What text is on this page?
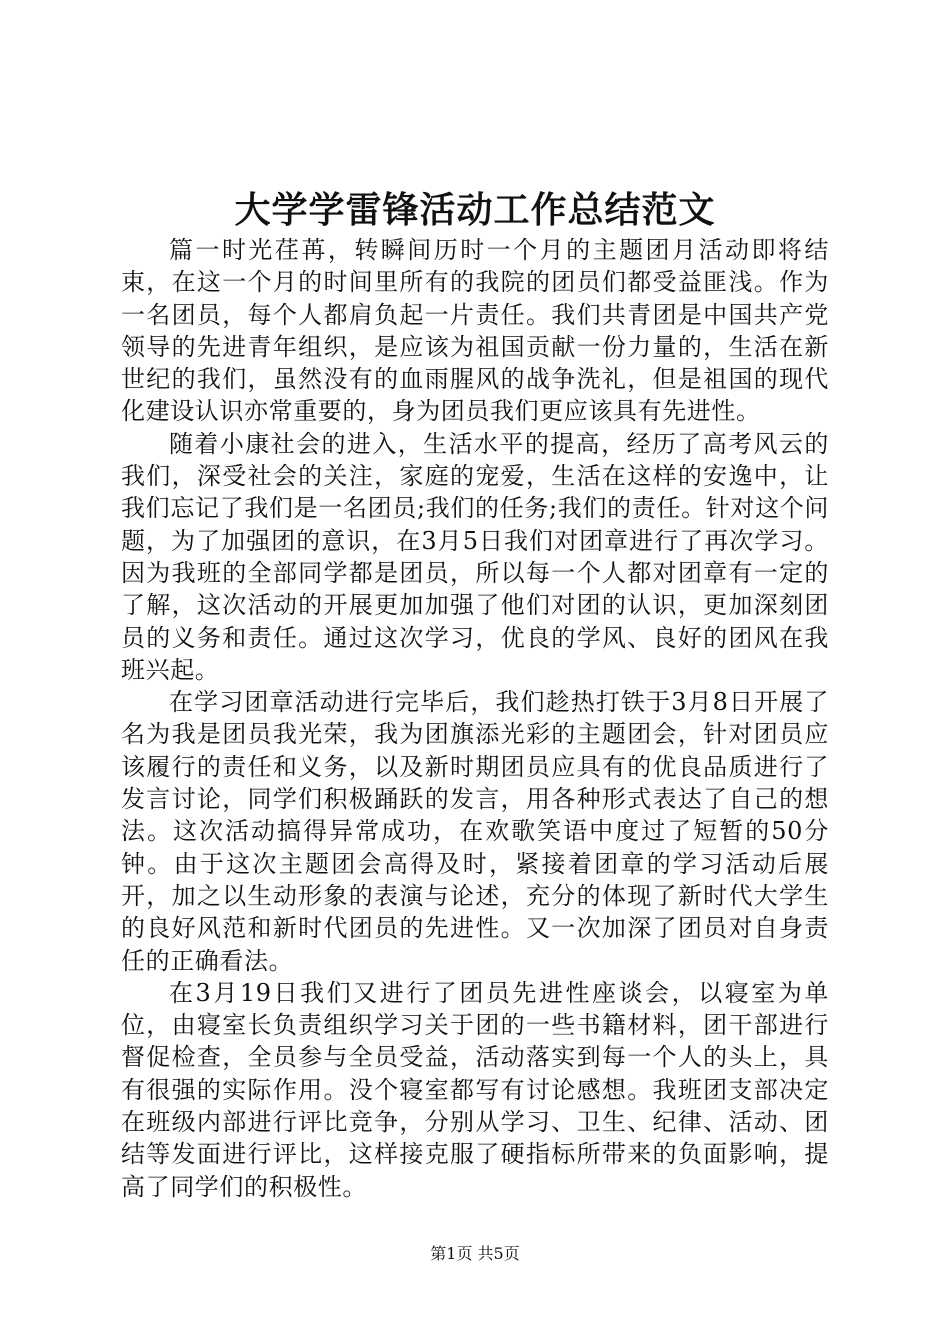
大学学雷锋活动工作总结范文

篇一时光荏苒，转瞬间历时一个月的主题团月活动即将结束，在这一个月的时间里所有的我院的团员们都受益匪浅。作为一名团员，每个人都肩负起一片责任。我们共青团是中国共产党领导的先进青年组织，是应该为祖国贡献一份力量的，生活在新世纪的我们，虽然没有的血雨腥风的战争洗礼，但是祖国的现代化建设认识亦常重要的，身为团员我们更应该具有先进性。

随着小康社会的进入，生活水平的提高，经历了高考风云的我们，深受社会的关注，家庭的宠爱，生活在这样的安逸中，让我们忘记了我们是一名团员;我们的任务;我们的责任。针对这个问题，为了加强团的意识，在3月5日我们对团章进行了再次学习。因为我班的全部同学都是团员，所以每一个人都对团章有一定的了解，这次活动的开展更加加强了他们对团的认识，更加深刻团员的义务和责任。通过这次学习，优良的学风、良好的团风在我班兴起。

在学习团章活动进行完毕后，我们趁热打铁于3月8日开展了名为我是团员我光荣，我为团旗添光彩的主题团会，针对团员应该履行的责任和义务，以及新时期团员应具有的优良品质进行了发言讨论，同学们积极踊跃的发言，用各种形式表达了自己的想法。这次活动搞得异常成功，在欢歌笑语中度过了短暂的50分钟。由于这次主题团会高得及时，紧接着团章的学习活动后展开，加之以生动形象的表演与论述，充分的体现了新时代大学生的良好风范和新时代团员的先进性。又一次加深了团员对自身责任的正确看法。

在3月19日我们又进行了团员先进性座谈会，以寝室为单位，由寝室长负责组织学习关于团的一些书籍材料，团干部进行督促检查，全员参与全员受益，活动落实到每一个人的头上，具有很强的实际作用。没个寝室都写有讨论感想。我班团支部决定在班级内部进行评比竞争，分别从学习、卫生、纪律、活动、团结等发面进行评比，这样接克服了硬指标所带来的负面影响，提高了同学们的积极性。

第1页 共5页
